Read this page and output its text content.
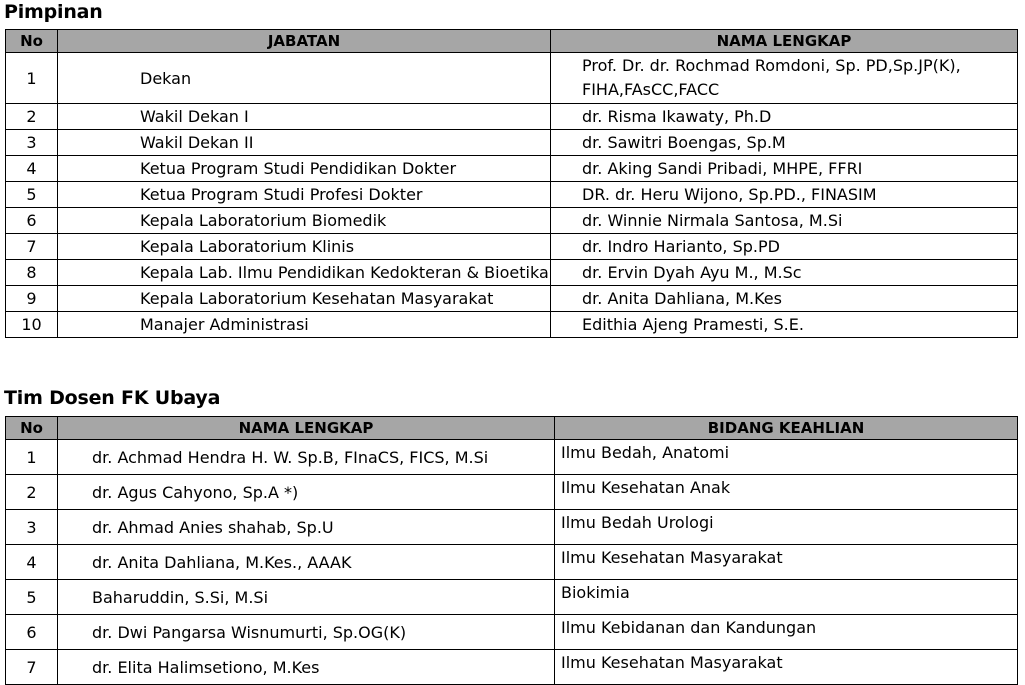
Pimpinan
No	JABATAN	NAMA LENGKAP
1	Dekan	Prof. Dr. dr. Rochmad Romdoni, Sp. PD,Sp.JP(K), FIHA,FAsCC,FACC
2	Wakil Dekan I	dr. Risma Ikawaty, Ph.D
3	Wakil Dekan II	dr. Sawitri Boengas, Sp.M
4	Ketua Program Studi Pendidikan Dokter	dr. Aking Sandi Pribadi, MHPE, FFRI
5	Ketua Program Studi Profesi Dokter	DR. dr. Heru Wijono, Sp.PD., FINASIM
6	Kepala Laboratorium Biomedik	dr. Winnie Nirmala Santosa, M.Si
7	Kepala Laboratorium Klinis	dr. Indro Harianto, Sp.PD
8	Kepala Lab. Ilmu Pendidikan Kedokteran & Bioetika	dr. Ervin Dyah Ayu M., M.Sc
9	Kepala Laboratorium Kesehatan Masyarakat	dr. Anita Dahliana, M.Kes
10	Manajer Administrasi	Edithia Ajeng Pramesti, S.E.
Tim Dosen FK Ubaya
No	NAMA LENGKAP	BIDANG KEAHLIAN
1	dr. Achmad Hendra H. W. Sp.B, FInaCS, FICS, M.Si	Ilmu Bedah, Anatomi
2	dr. Agus Cahyono, Sp.A *)	Ilmu Kesehatan Anak
3	dr. Ahmad Anies shahab, Sp.U	Ilmu Bedah Urologi
4	dr. Anita Dahliana, M.Kes., AAAK	Ilmu Kesehatan Masyarakat
5	Baharuddin, S.Si, M.Si	Biokimia
6	dr. Dwi Pangarsa Wisnumurti, Sp.OG(K)	Ilmu Kebidanan dan Kandungan
7	dr. Elita Halimsetiono, M.Kes	Ilmu Kesehatan Masyarakat
